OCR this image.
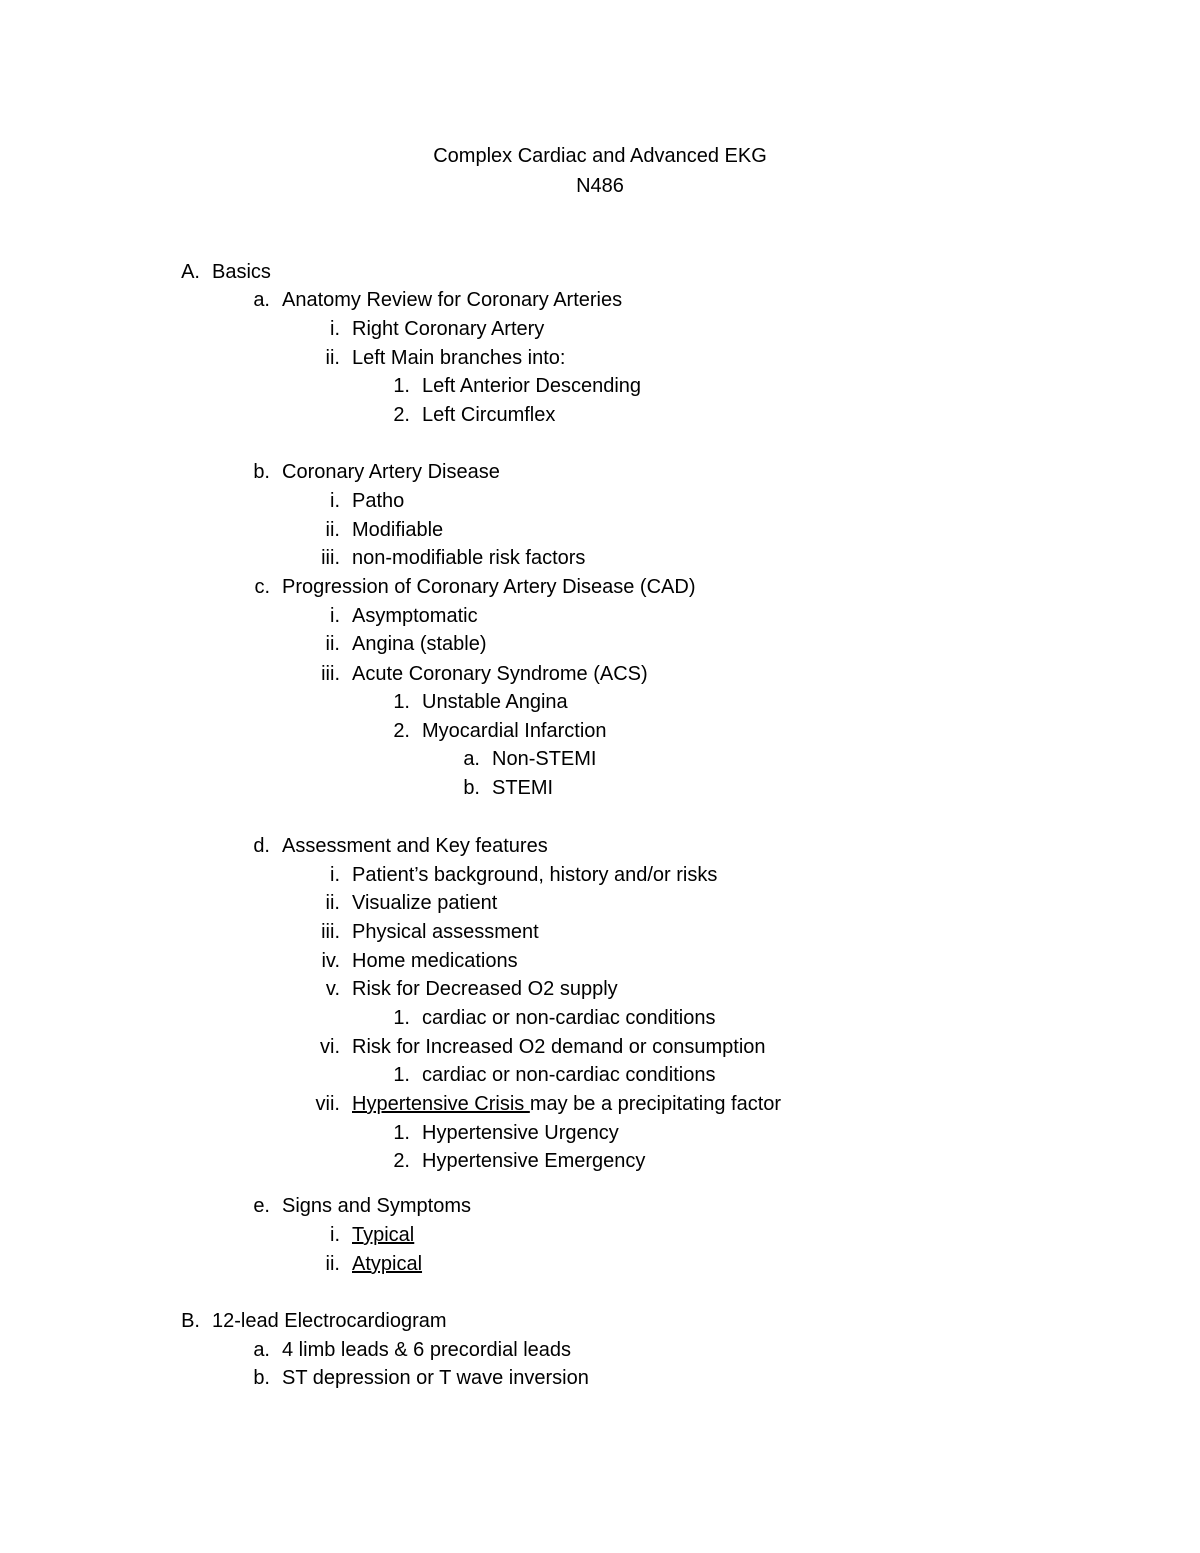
Complex Cardiac and Advanced EKG
N486
A. Basics
a. Anatomy Review for Coronary Arteries
i. Right Coronary Artery
ii. Left Main branches into:
1. Left Anterior Descending
2. Left Circumflex
b. Coronary Artery Disease
i. Patho
ii. Modifiable
iii. non-modifiable risk factors
c. Progression of Coronary Artery Disease (CAD)
i. Asymptomatic
ii. Angina (stable)
iii. Acute Coronary Syndrome (ACS)
1. Unstable Angina
2. Myocardial Infarction
a. Non-STEMI
b. STEMI
d. Assessment and Key features
i. Patient’s background, history and/or risks
ii. Visualize patient
iii. Physical assessment
iv. Home medications
v. Risk for Decreased O2 supply
1. cardiac or non-cardiac conditions
vi. Risk for Increased O2 demand or consumption
1. cardiac or non-cardiac conditions
vii. Hypertensive Crisis may be a precipitating factor
1. Hypertensive Urgency
2. Hypertensive Emergency
e. Signs and Symptoms
i. Typical
ii. Atypical
B. 12-lead Electrocardiogram
a. 4 limb leads & 6 precordial leads
b. ST depression or T wave inversion
